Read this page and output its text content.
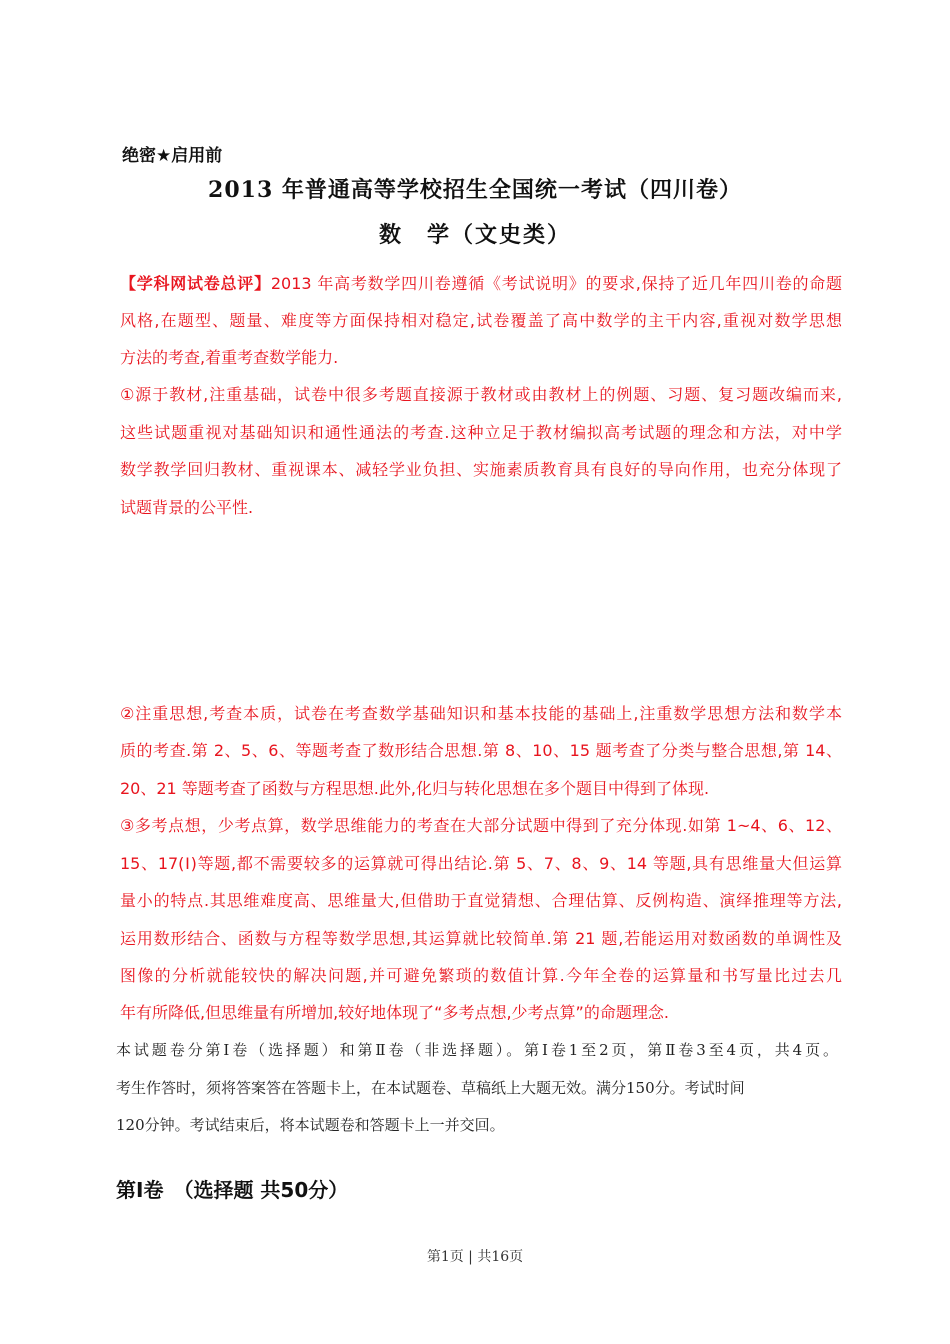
绝密★启用前
2013 年普通高等学校招生全国统一考试（四川卷）
数　学（文史类）
【学科网试卷总评】2013 年高考数学四川卷遵循《考试说明》的要求,保持了近几年四川卷的命题
风格,在题型、题量、难度等方面保持相对稳定,试卷覆盖了高中数学的主干内容,重视对数学思想
方法的考查,着重考查数学能力.
①源于教材,注重基础，试卷中很多考题直接源于教材或由教材上的例题、习题、复习题改编而来,
这些试题重视对基础知识和通性通法的考查.这种立足于教材编拟高考试题的理念和方法，对中学
数学教学回归教材、重视课本、减轻学业负担、实施素质教育具有良好的导向作用，也充分体现了
试题背景的公平性.
②注重思想,考查本质，试卷在考查数学基础知识和基本技能的基础上,注重数学思想方法和数学本
质的考查.第 2、5、6、等题考查了数形结合思想.第 8、10、15 题考查了分类与整合思想,第 14、
20、21 等题考查了函数与方程思想.此外,化归与转化思想在多个题目中得到了体现.
③多考点想，少考点算，数学思维能力的考查在大部分试题中得到了充分体现.如第 1~4、6、12、
15、17(Ⅰ)等题,都不需要较多的运算就可得出结论.第 5、7、8、9、14 等题,具有思维量大但运算
量小的特点.其思维难度高、思维量大,但借助于直觉猜想、合理估算、反例构造、演绎推理等方法,
运用数形结合、函数与方程等数学思想,其运算就比较简单.第 21 题,若能运用对数函数的单调性及
图像的分析就能较快的解决问题,并可避免繁琐的数值计算.今年全卷的运算量和书写量比过去几
年有所降低,但思维量有所增加,较好地体现了“多考点想,少考点算”的命题理念.
本试题卷分第Ⅰ卷（选择题）和第Ⅱ卷（非选择题）。第Ⅰ卷1至2页，第Ⅱ卷3至4页，共4页。
考生作答时，须将答案答在答题卡上，在本试题卷、草稿纸上大题无效。满分150分。考试时间
120分钟。考试结束后，将本试题卷和答题卡上一并交回。
第Ⅰ卷　（选择题 共50分）
第1页 | 共16页
